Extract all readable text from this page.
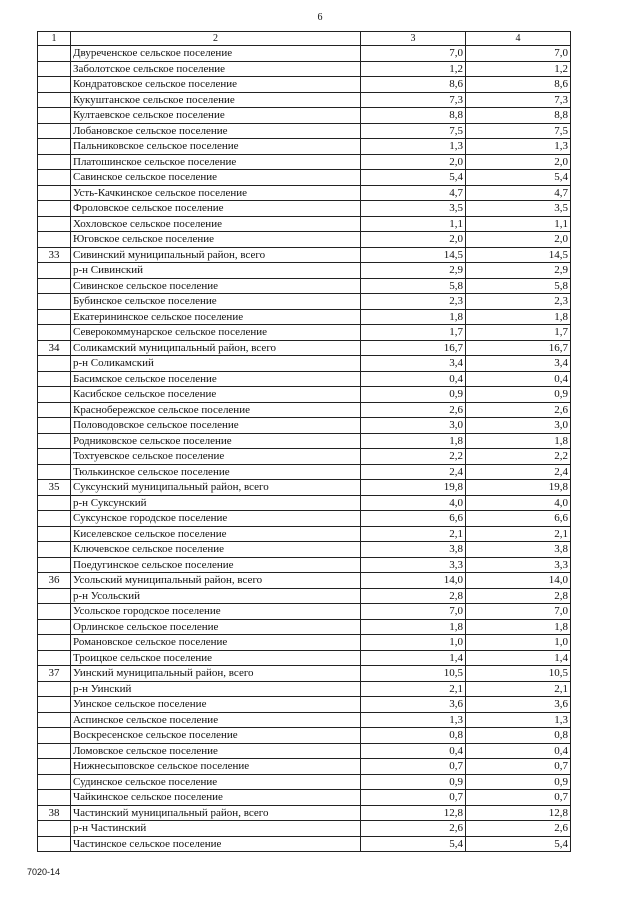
6
1	2	3	4
	Двуреченское сельское поселение	7,0	7,0
	Заболотское сельское поселение	1,2	1,2
	Кондратовское сельское поселение	8,6	8,6
	Кукуштанское сельское поселение	7,3	7,3
	Култаевское сельское поселение	8,8	8,8
	Лобановское сельское поселение	7,5	7,5
	Пальниковское сельское поселение	1,3	1,3
	Платошинское сельское поселение	2,0	2,0
	Савинское сельское поселение	5,4	5,4
	Усть-Качкинское сельское поселение	4,7	4,7
	Фроловское сельское поселение	3,5	3,5
	Хохловское сельское поселение	1,1	1,1
	Юговское сельское поселение	2,0	2,0
33	Сивинский муниципальный район, всего	14,5	14,5
	р-н Сивинский	2,9	2,9
	Сивинское сельское поселение	5,8	5,8
	Бубинское сельское поселение	2,3	2,3
	Екатерининское сельское поселение	1,8	1,8
	Северокоммунарское сельское поселение	1,7	1,7
34	Соликамский муниципальный район, всего	16,7	16,7
	р-н Соликамский	3,4	3,4
	Басимское сельское поселение	0,4	0,4
	Касибское сельское поселение	0,9	0,9
	Краснобережское сельское поселение	2,6	2,6
	Половодовское сельское поселение	3,0	3,0
	Родниковское сельское поселение	1,8	1,8
	Тохтуевское сельское поселение	2,2	2,2
	Тюлькинское сельское поселение	2,4	2,4
35	Суксунский муниципальный район, всего	19,8	19,8
	р-н Суксунский	4,0	4,0
	Суксунское городское поселение	6,6	6,6
	Киселевское сельское поселение	2,1	2,1
	Ключевское сельское поселение	3,8	3,8
	Поедугинское сельское поселение	3,3	3,3
36	Усольский муниципальный район, всего	14,0	14,0
	р-н Усольский	2,8	2,8
	Усольское городское поселение	7,0	7,0
	Орлинское сельское поселение	1,8	1,8
	Романовское сельское поселение	1,0	1,0
	Троицкое сельское поселение	1,4	1,4
37	Уинский муниципальный район, всего	10,5	10,5
	р-н Уинский	2,1	2,1
	Уинское сельское поселение	3,6	3,6
	Аспинское сельское поселение	1,3	1,3
	Воскресенское сельское поселение	0,8	0,8
	Ломовское сельское поселение	0,4	0,4
	Нижнесыповское сельское поселение	0,7	0,7
	Судинское сельское поселение	0,9	0,9
	Чайкинское сельское поселение	0,7	0,7
38	Частинский муниципальный район, всего	12,8	12,8
	р-н Частинский	2,6	2,6
	Частинское сельское поселение	5,4	5,4
7020-14
